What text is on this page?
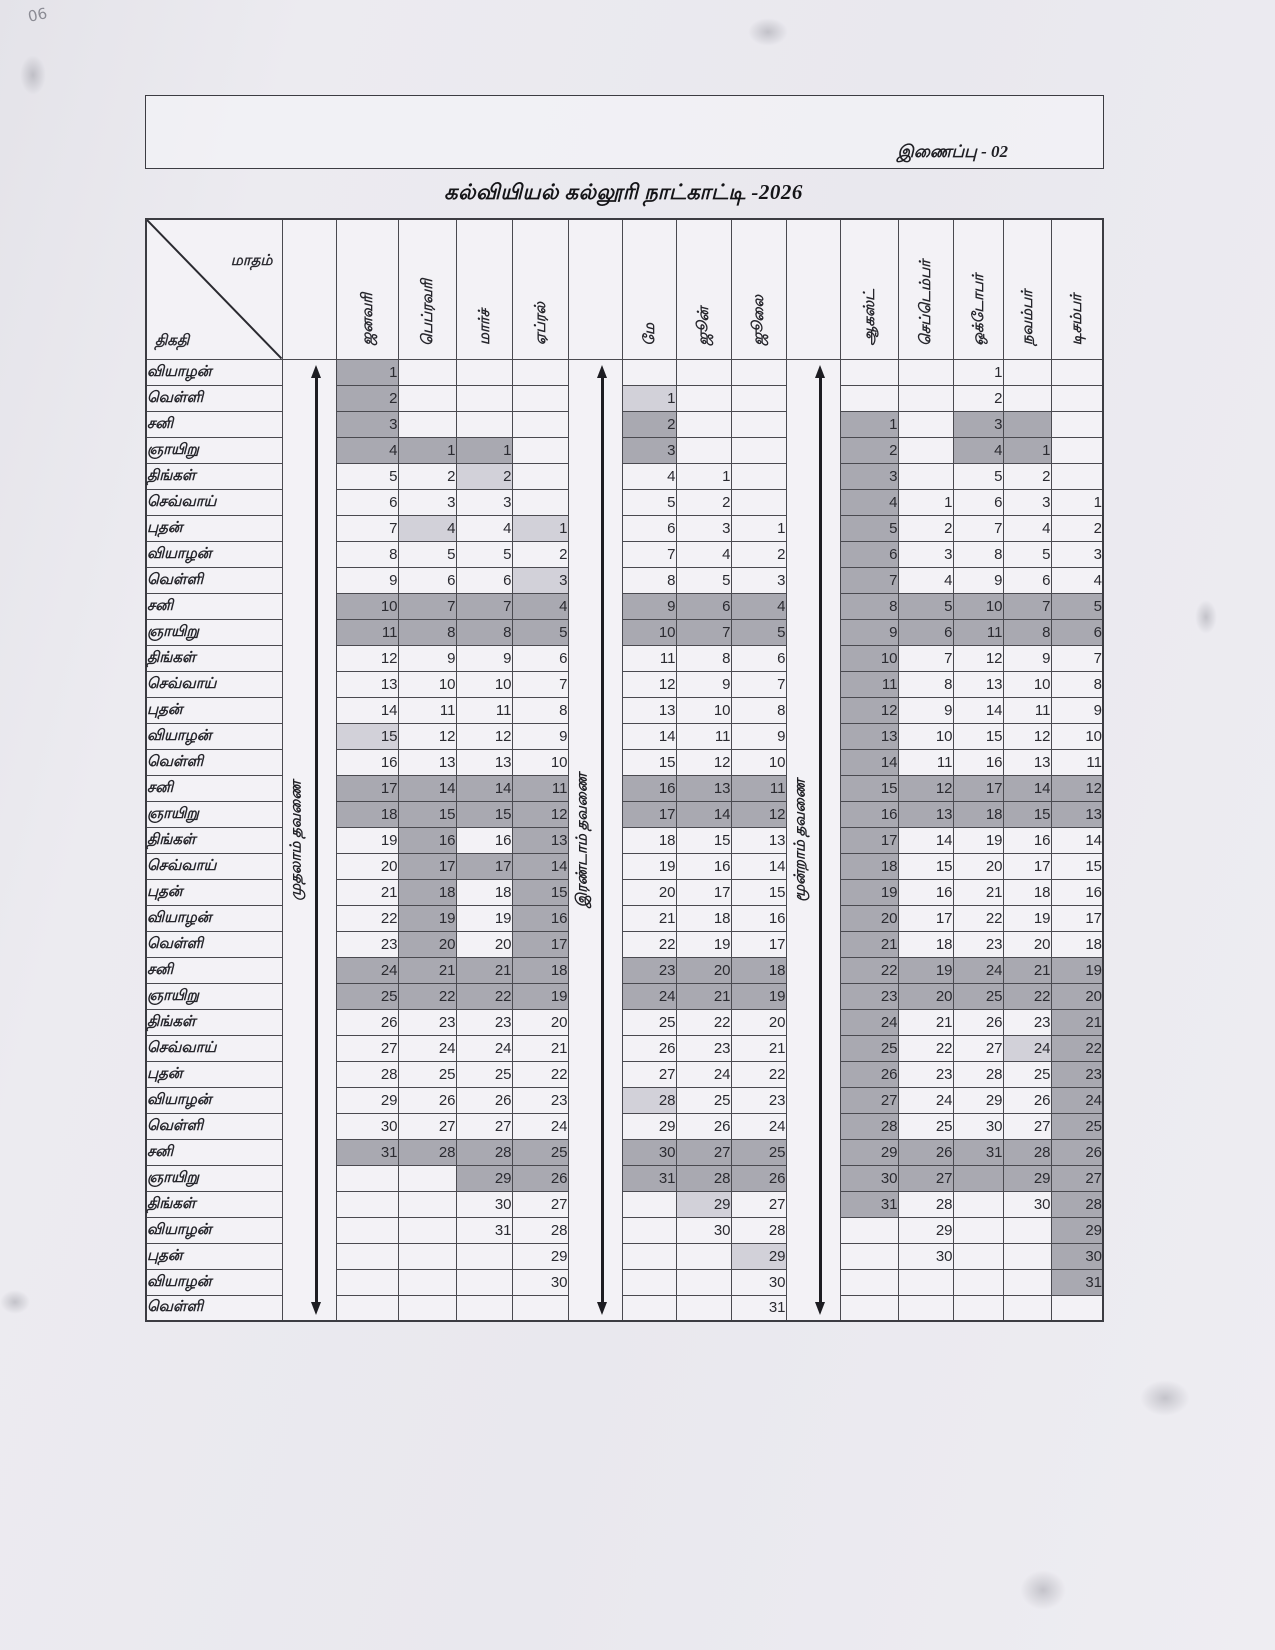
06
இணைப்பு - 02
கல்வியியல் கல்லூரி நாட்காட்டி -2026
மாதம்
திகதி		ஜனவரி	பெப்ரவரி	மார்ச்	ஏப்ரல்		மே	ஜூன்	ஜூலை		ஆகஸ்ட்	செப்டெம்பர்	ஒக்டோபர்	நவம்பர்	டிசம்பர்
வியாழன்	முதலாம் தவணை	1				இரண்டாம் தவணை				மூன்றாம் தவணை			1		
வெள்ளி		2					1						2		
சனி		3					2				1		3		
ஞாயிறு		4	1	1			3				2		4	1	
திங்கள்		5	2	2			4	1			3		5	2	
செவ்வாய்		6	3	3			5	2			4	1	6	3	1
புதன்		7	4	4	1		6	3	1		5	2	7	4	2
வியாழன்		8	5	5	2		7	4	2		6	3	8	5	3
வெள்ளி		9	6	6	3		8	5	3		7	4	9	6	4
சனி		10	7	7	4		9	6	4		8	5	10	7	5
ஞாயிறு		11	8	8	5		10	7	5		9	6	11	8	6
திங்கள்		12	9	9	6		11	8	6		10	7	12	9	7
செவ்வாய்		13	10	10	7		12	9	7		11	8	13	10	8
புதன்		14	11	11	8		13	10	8		12	9	14	11	9
வியாழன்		15	12	12	9		14	11	9		13	10	15	12	10
வெள்ளி		16	13	13	10		15	12	10		14	11	16	13	11
சனி		17	14	14	11		16	13	11		15	12	17	14	12
ஞாயிறு		18	15	15	12		17	14	12		16	13	18	15	13
திங்கள்		19	16	16	13		18	15	13		17	14	19	16	14
செவ்வாய்		20	17	17	14		19	16	14		18	15	20	17	15
புதன்		21	18	18	15		20	17	15		19	16	21	18	16
வியாழன்		22	19	19	16		21	18	16		20	17	22	19	17
வெள்ளி		23	20	20	17		22	19	17		21	18	23	20	18
சனி		24	21	21	18		23	20	18		22	19	24	21	19
ஞாயிறு		25	22	22	19		24	21	19		23	20	25	22	20
திங்கள்		26	23	23	20		25	22	20		24	21	26	23	21
செவ்வாய்		27	24	24	21		26	23	21		25	22	27	24	22
புதன்		28	25	25	22		27	24	22		26	23	28	25	23
வியாழன்		29	26	26	23		28	25	23		27	24	29	26	24
வெள்ளி		30	27	27	24		29	26	24		28	25	30	27	25
சனி		31	28	28	25		30	27	25		29	26	31	28	26
ஞாயிறு				29	26		31	28	26		30	27		29	27
திங்கள்				30	27			29	27		31	28		30	28
வியாழன்				31	28			30	28			29			29
புதன்					29				29			30			30
வியாழன்					30				30						31
வெள்ளி									31						
